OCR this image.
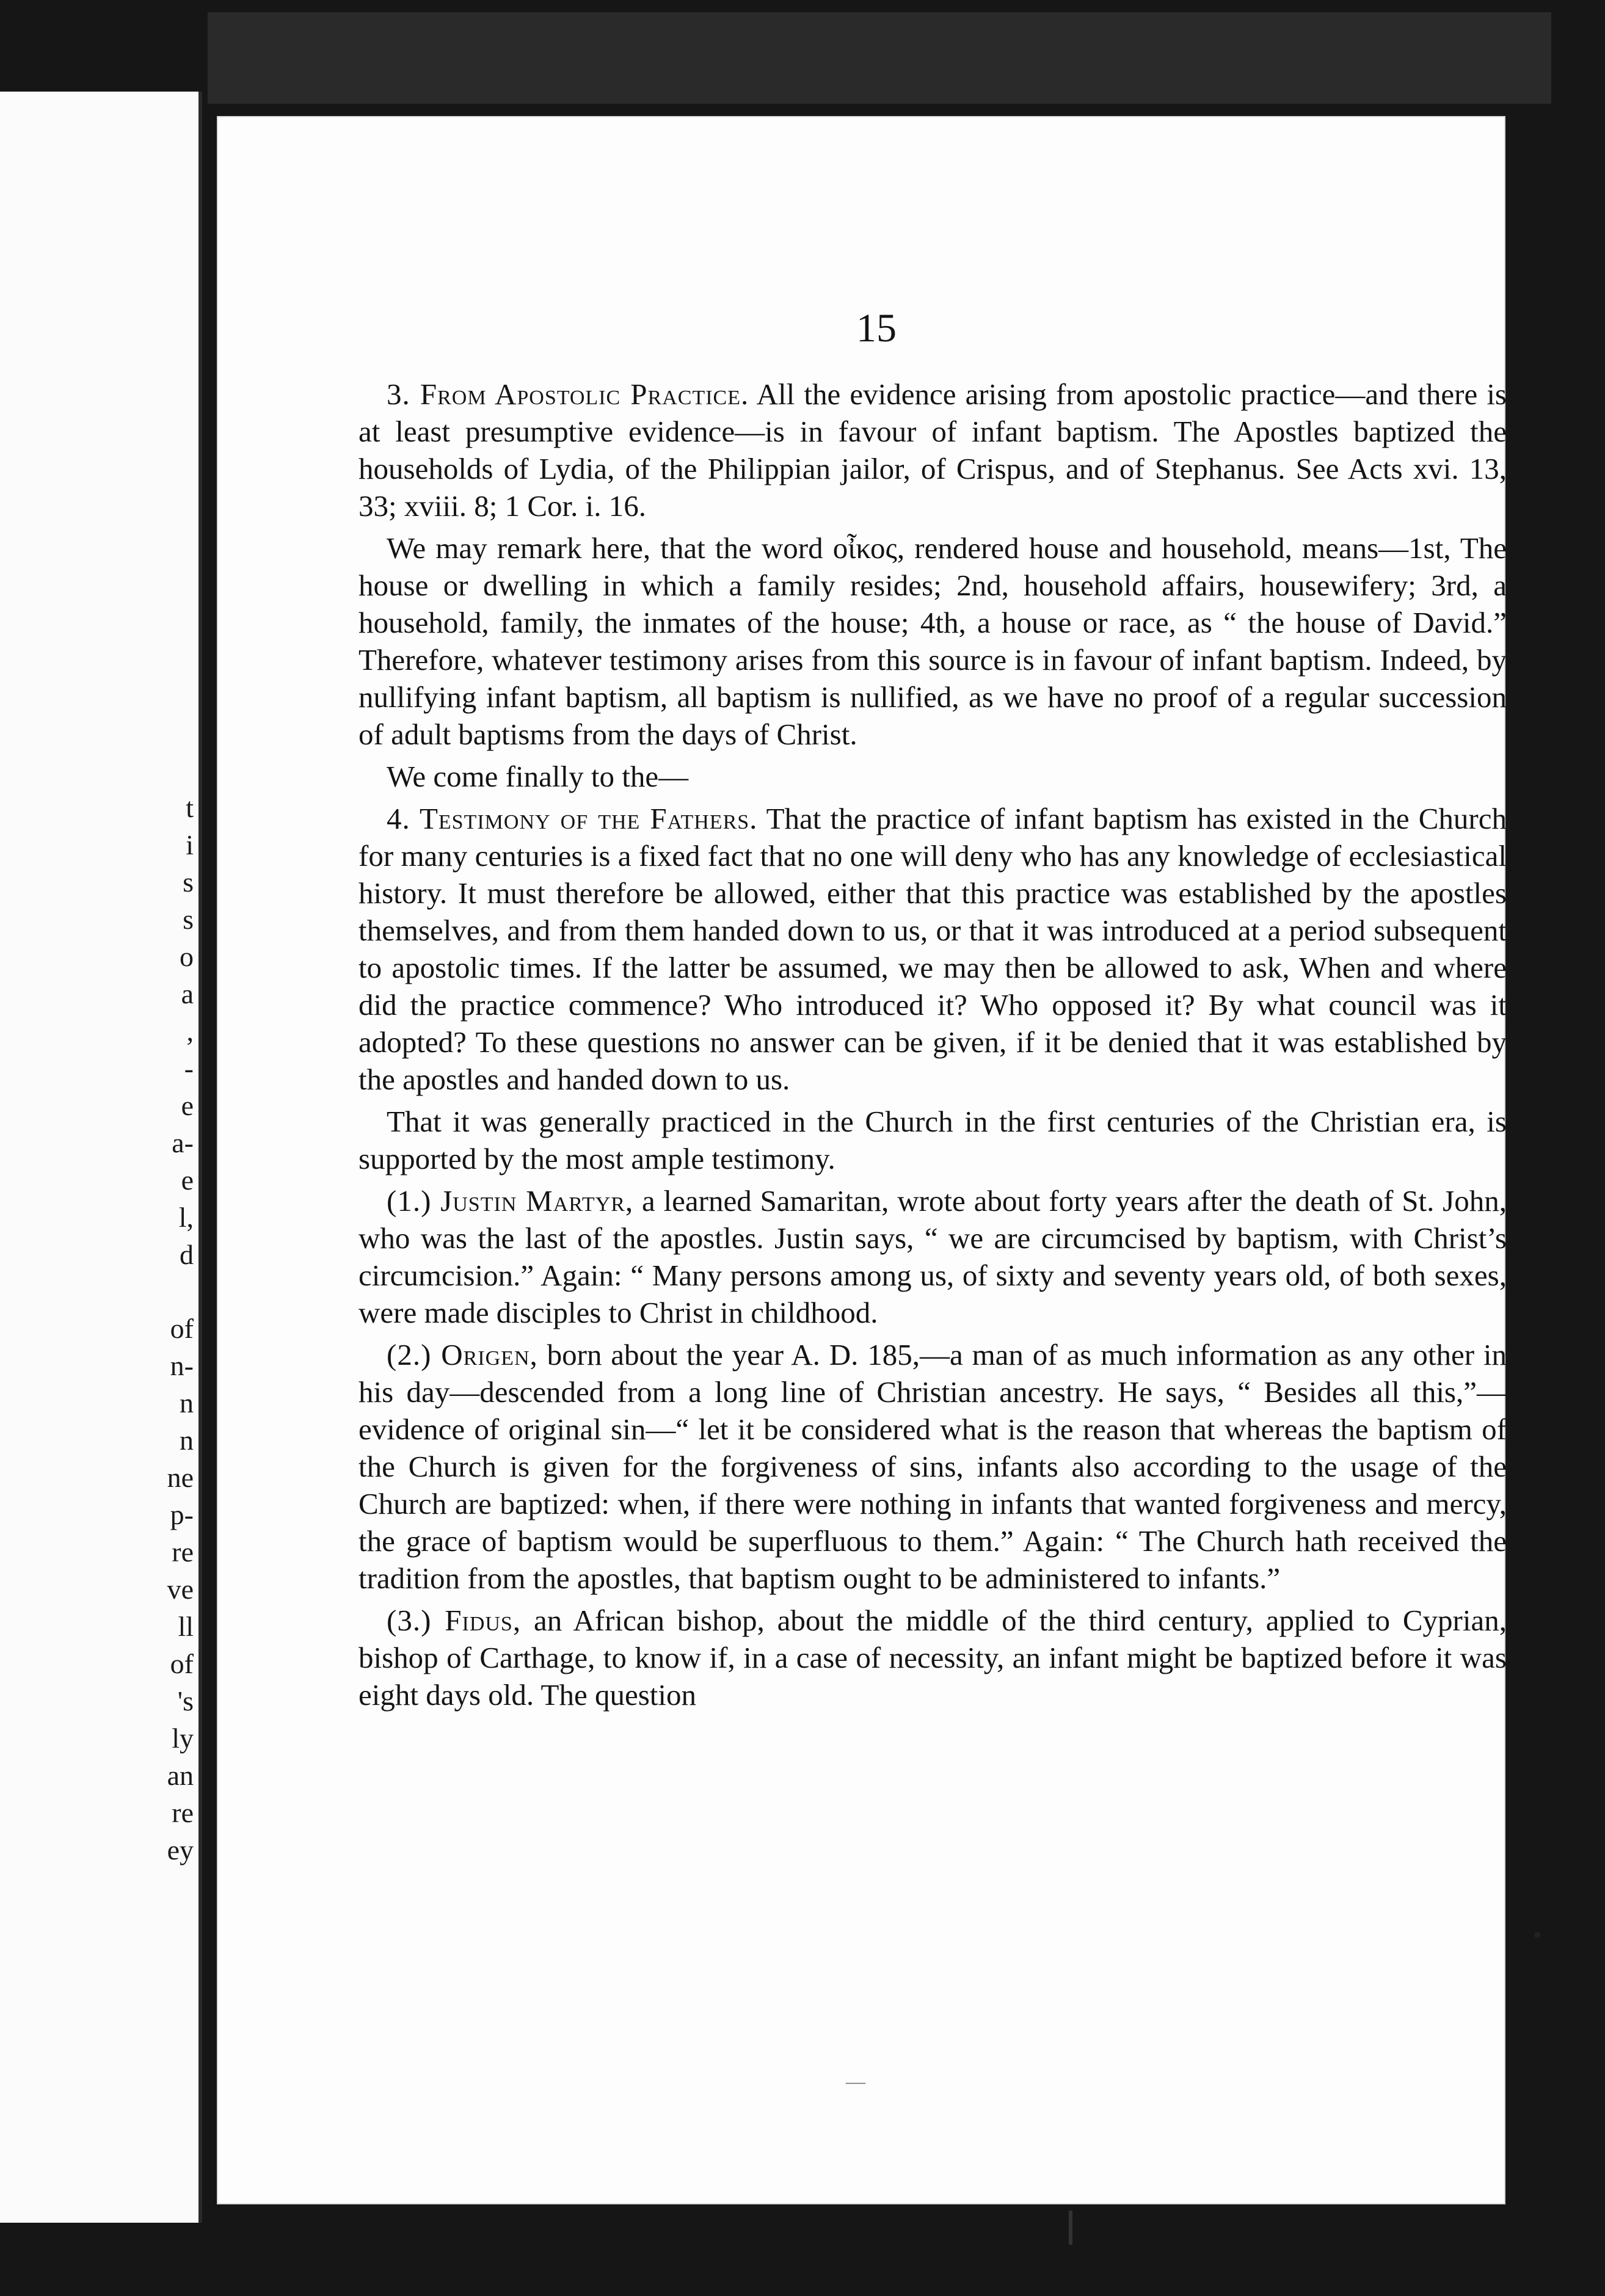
t
i
s
s
o
a
,
-
e
a-
e
l,
d
of
n-
n
n
ne
p-
re
ve
ll
of
's
ly
an
re
ey
15

3. From Apostolic Practice. All the evidence arising from apostolic practice—and there is at least presumptive evidence—is in favour of infant baptism. The Apostles baptized the households of Lydia, of the Philippian jailor, of Crispus, and of Stephanus. See Acts xvi. 13, 33; xviii. 8; 1 Cor. i. 16.

We may remark here, that the word οἶκος, rendered house and household, means—1st, The house or dwelling in which a family resides; 2nd, household affairs, housewifery; 3rd, a household, family, the inmates of the house; 4th, a house or race, as “ the house of David.” Therefore, whatever testimony arises from this source is in favour of infant baptism. Indeed, by nullifying infant baptism, all baptism is nullified, as we have no proof of a regular succession of adult baptisms from the days of Christ.

We come finally to the—

4. Testimony of the Fathers. That the practice of infant baptism has existed in the Church for many centuries is a fixed fact that no one will deny who has any knowledge of ecclesiastical history. It must therefore be allowed, either that this practice was established by the apostles themselves, and from them handed down to us, or that it was introduced at a period subsequent to apostolic times. If the latter be assumed, we may then be allowed to ask, When and where did the practice commence? Who introduced it? Who opposed it? By what council was it adopted? To these questions no answer can be given, if it be denied that it was established by the apostles and handed down to us.

That it was generally practiced in the Church in the first centuries of the Christian era, is supported by the most ample testimony.

(1.) Justin Martyr, a learned Samaritan, wrote about forty years after the death of St. John, who was the last of the apostles. Justin says, “ we are circumcised by baptism, with Christ’s circumcision.” Again: “ Many persons among us, of sixty and seventy years old, of both sexes, were made disciples to Christ in childhood.

(2.) Origen, born about the year A. D. 185,—a man of as much information as any other in his day—descended from a long line of Christian ancestry. He says, “ Besides all this,”—evidence of original sin—“ let it be considered what is the reason that whereas the baptism of the Church is given for the forgiveness of sins, infants also according to the usage of the Church are baptized: when, if there were nothing in infants that wanted forgiveness and mercy, the grace of baptism would be superfluous to them.” Again: “ The Church hath received the tradition from the apostles, that baptism ought to be administered to infants.”

(3.) Fidus, an African bishop, about the middle of the third century, applied to Cyprian, bishop of Carthage, to know if, in a case of necessity, an infant might be baptized before it was eight days old. The question

•
—
